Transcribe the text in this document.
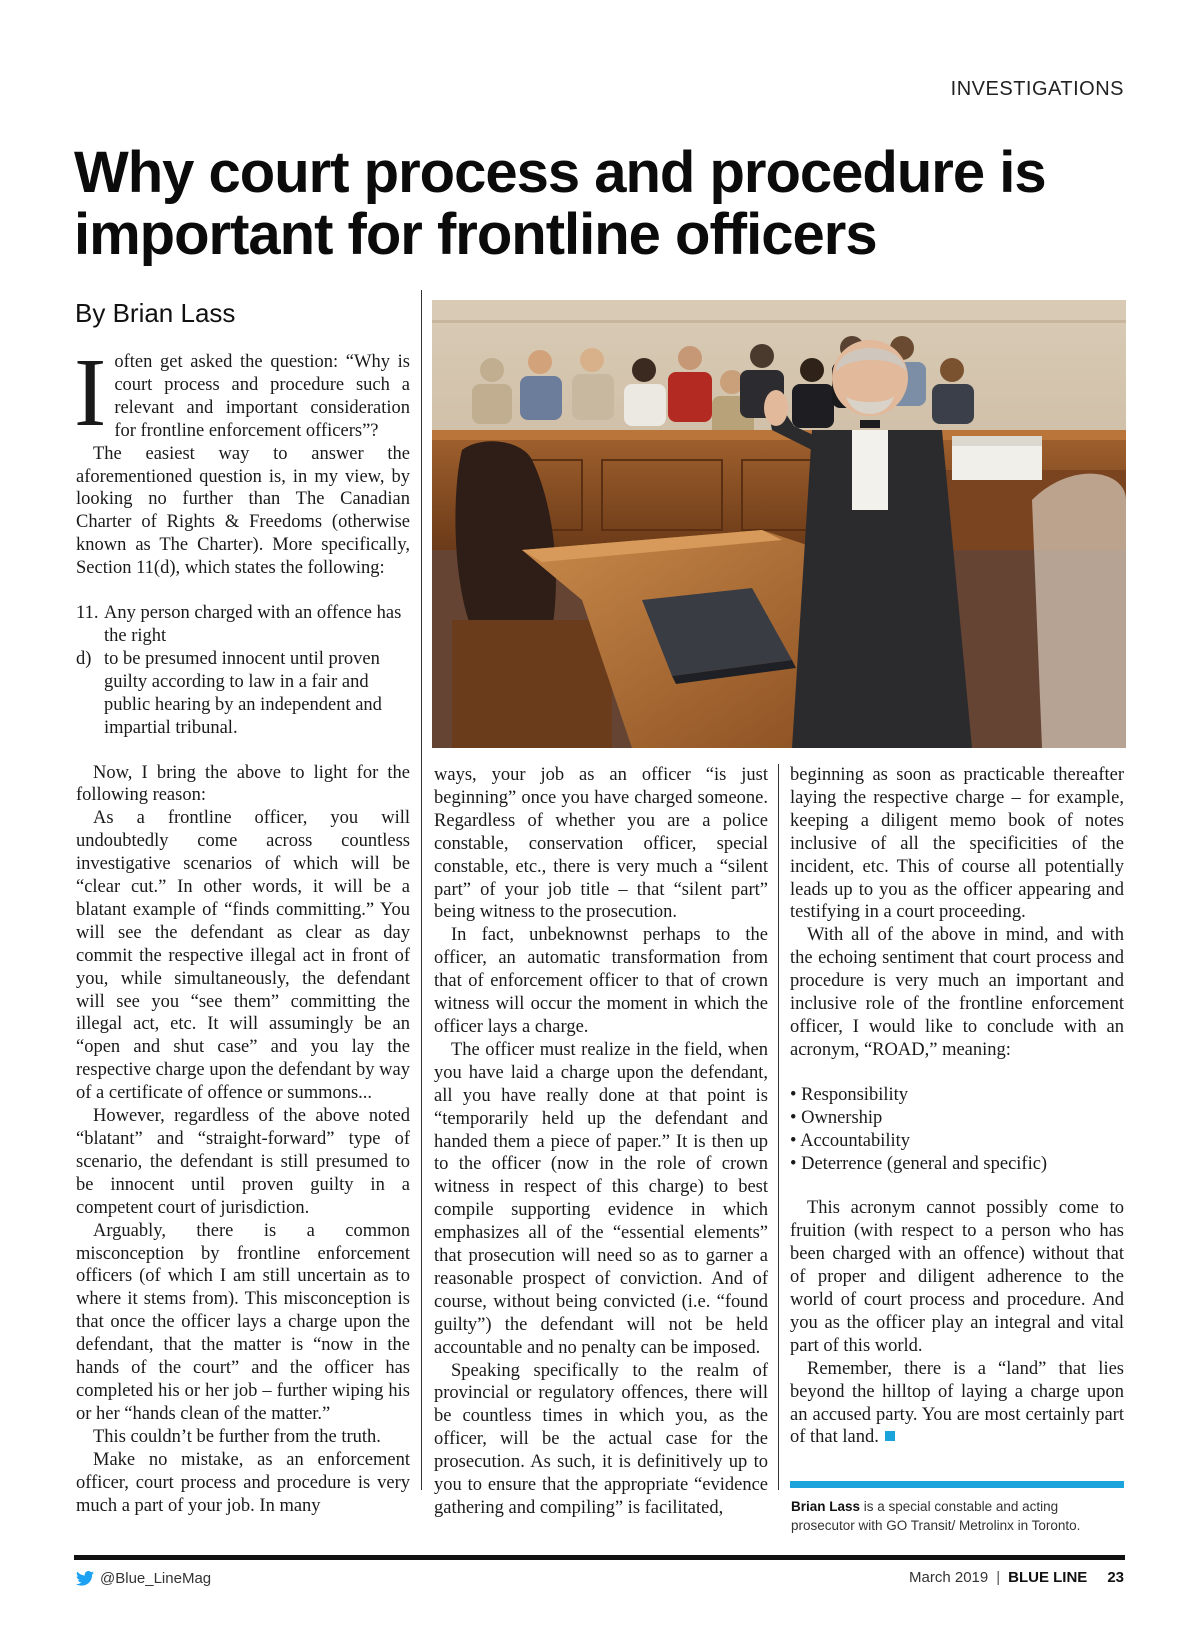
INVESTIGATIONS
Why court process and procedure is important for frontline officers
By Brian Lass

Ioften get asked the question: “Why is court process and procedure such a relevant and important consideration for frontline enforcement officers”?

The easiest way to answer the aforementioned question is, in my view, by looking no further than The Canadian Charter of Rights & Freedoms (otherwise known as The Charter). More specifically, Section 11(d), which states the following:

11. Any person charged with an offence has the right
d) to be presumed innocent until proven guilty according to law in a fair and public hearing by an independent and impartial tribunal.

Now, I bring the above to light for the following reason:

As a frontline officer, you will undoubtedly come across countless investigative scenarios of which will be “clear cut.” In other words, it will be a blatant example of “finds committing.” You will see the defendant as clear as day commit the respective illegal act in front of you, while simultaneously, the defendant will see you “see them” committing the illegal act, etc. It will assumingly be an “open and shut case” and you lay the respective charge upon the defendant by way of a certificate of offence or summons...

However, regardless of the above noted “blatant” and “straight-forward” type of scenario, the defendant is still presumed to be innocent until proven guilty in a competent court of jurisdiction.

Arguably, there is a common misconception by frontline enforcement officers (of which I am still uncertain as to where it stems from). This misconception is that once the officer lays a charge upon the defendant, that the matter is “now in the hands of the court” and the officer has completed his or her job – further wiping his or her “hands clean of the matter.”

This couldn’t be further from the truth.

Make no mistake, as an enforcement officer, court process and procedure is very much a part of your job. In many

ways, your job as an officer “is just beginning” once you have charged someone. Regardless of whether you are a police constable, conservation officer, special constable, etc., there is very much a “silent part” of your job title – that “silent part” being witness to the prosecution.

In fact, unbeknownst perhaps to the officer, an automatic transformation from that of enforcement officer to that of crown witness will occur the moment in which the officer lays a charge.

The officer must realize in the field, when you have laid a charge upon the defendant, all you have really done at that point is “temporarily held up the defendant and handed them a piece of paper.” It is then up to the officer (now in the role of crown witness in respect of this charge) to best compile supporting evidence in which emphasizes all of the “essential elements” that prosecution will need so as to garner a reasonable prospect of conviction. And of course, without being convicted (i.e. “found guilty”) the defendant will not be held accountable and no penalty can be imposed.

Speaking specifically to the realm of provincial or regulatory offences, there will be countless times in which you, as the officer, will be the actual case for the prosecution. As such, it is definitively up to you to ensure that the appropriate “evidence gathering and compiling” is facilitated,

beginning as soon as practicable thereafter laying the respective charge – for example, keeping a diligent memo book of notes inclusive of all the specificities of the incident, etc. This of course all potentially leads up to you as the officer appearing and testifying in a court proceeding.

With all of the above in mind, and with the echoing sentiment that court process and procedure is very much an important and inclusive role of the frontline enforcement officer, I would like to conclude with an acronym, “ROAD,” meaning:

• Responsibility
• Ownership
• Accountability
• Deterrence (general and specific)

This acronym cannot possibly come to fruition (with respect to a person who has been charged with an offence) without that of proper and diligent adherence to the world of court process and procedure. And you as the officer play an integral and vital part of this world.

Remember, there is a “land” that lies beyond the hilltop of laying a charge upon an accused party. You are most certainly part of that land.

Brian Lass is a special constable and acting prosecutor with GO Transit/ Metrolinx in Toronto.
@Blue_LineMag	March 2019 | BLUE LINE 23
